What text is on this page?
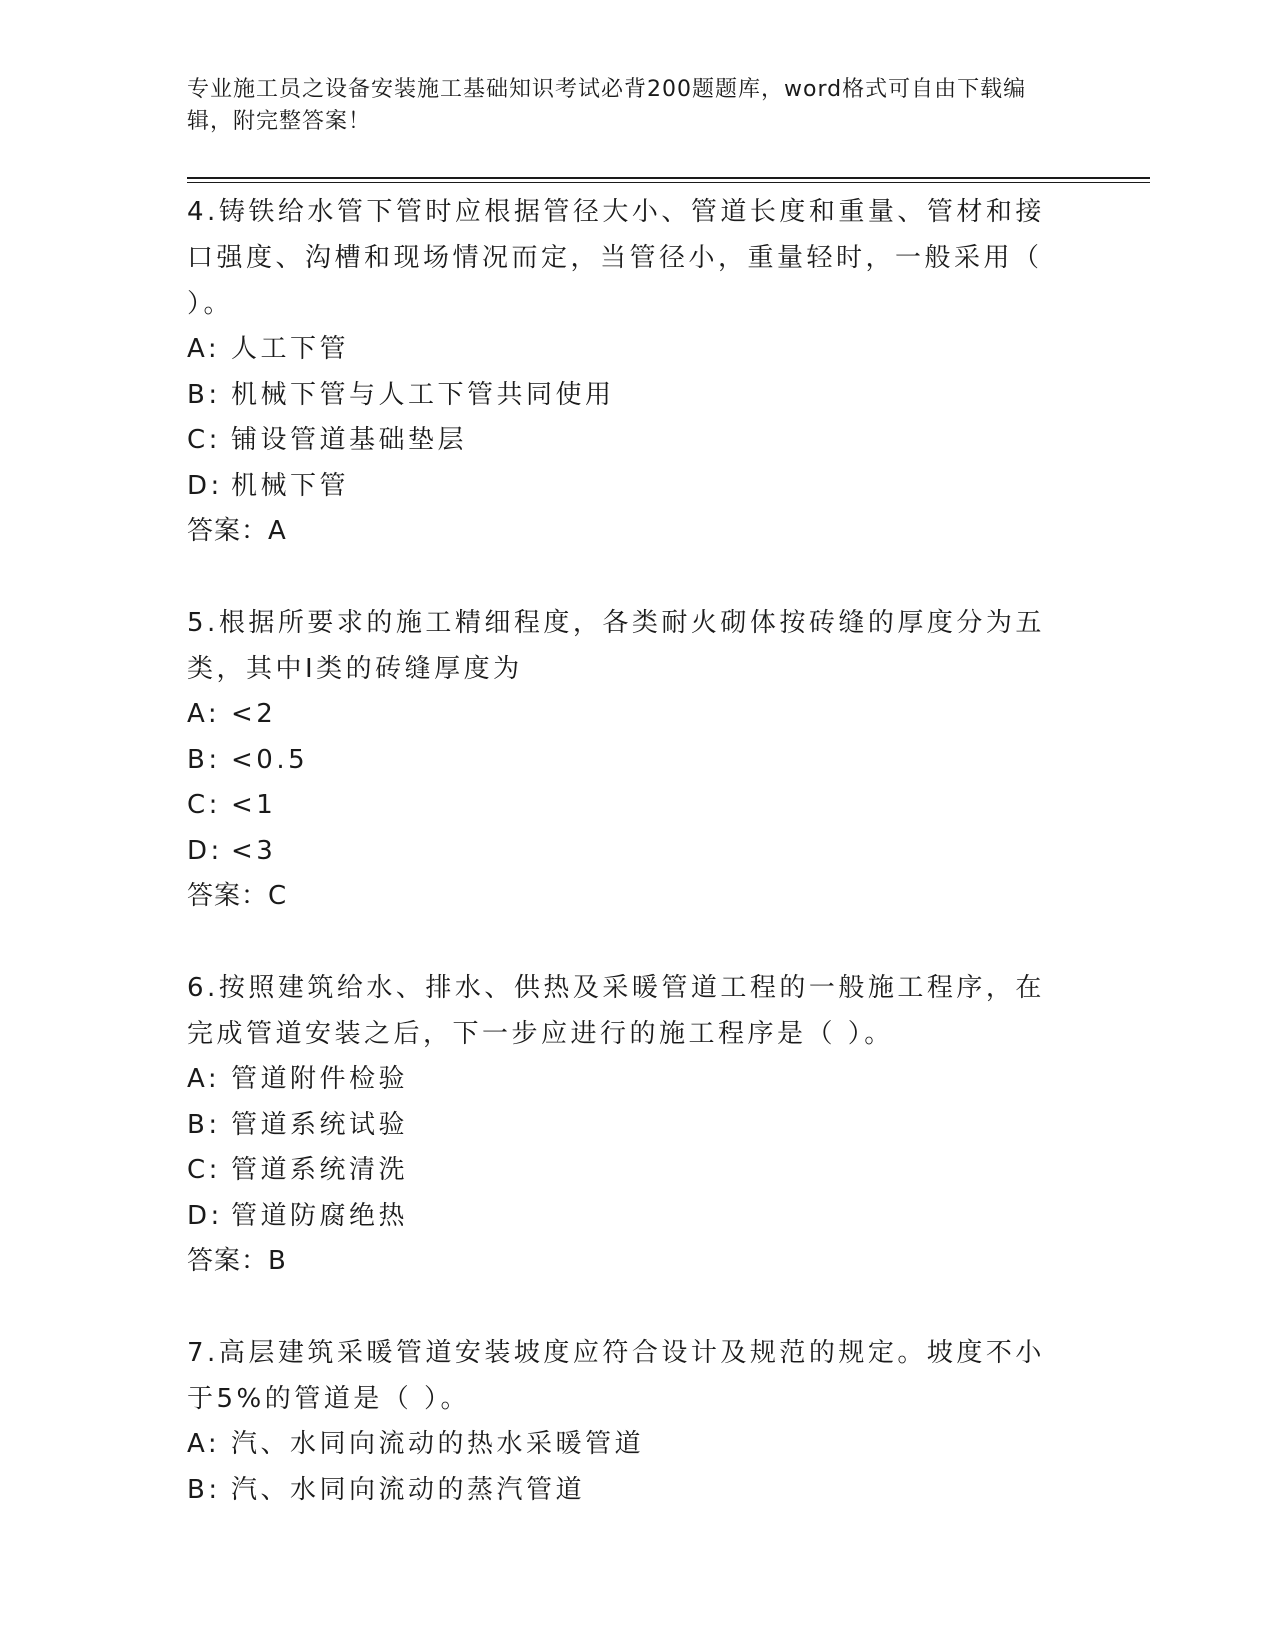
专业施工员之设备安装施工基础知识考试必背200题题库，word格式可自由下载编辑，附完整答案！
4.铸铁给水管下管时应根据管径大小、管道长度和重量、管材和接口强度、沟槽和现场情况而定，当管径小，重量轻时，一般采用（ ）。
A: 人工下管
B: 机械下管与人工下管共同使用
C: 铺设管道基础垫层
D: 机械下管
答案：A
5.根据所要求的施工精细程度，各类耐火砌体按砖缝的厚度分为五类，其中Ⅰ类的砖缝厚度为
A: <2
B: <0.5
C: <1
D: <3
答案：C
6.按照建筑给水、排水、供热及采暖管道工程的一般施工程序，在完成管道安装之后，下一步应进行的施工程序是（ ）。
A: 管道附件检验
B: 管道系统试验
C: 管道系统清洗
D: 管道防腐绝热
答案：B
7.高层建筑采暖管道安装坡度应符合设计及规范的规定。坡度不小于5%的管道是（ ）。
A: 汽、水同向流动的热水采暖管道
B: 汽、水同向流动的蒸汽管道
